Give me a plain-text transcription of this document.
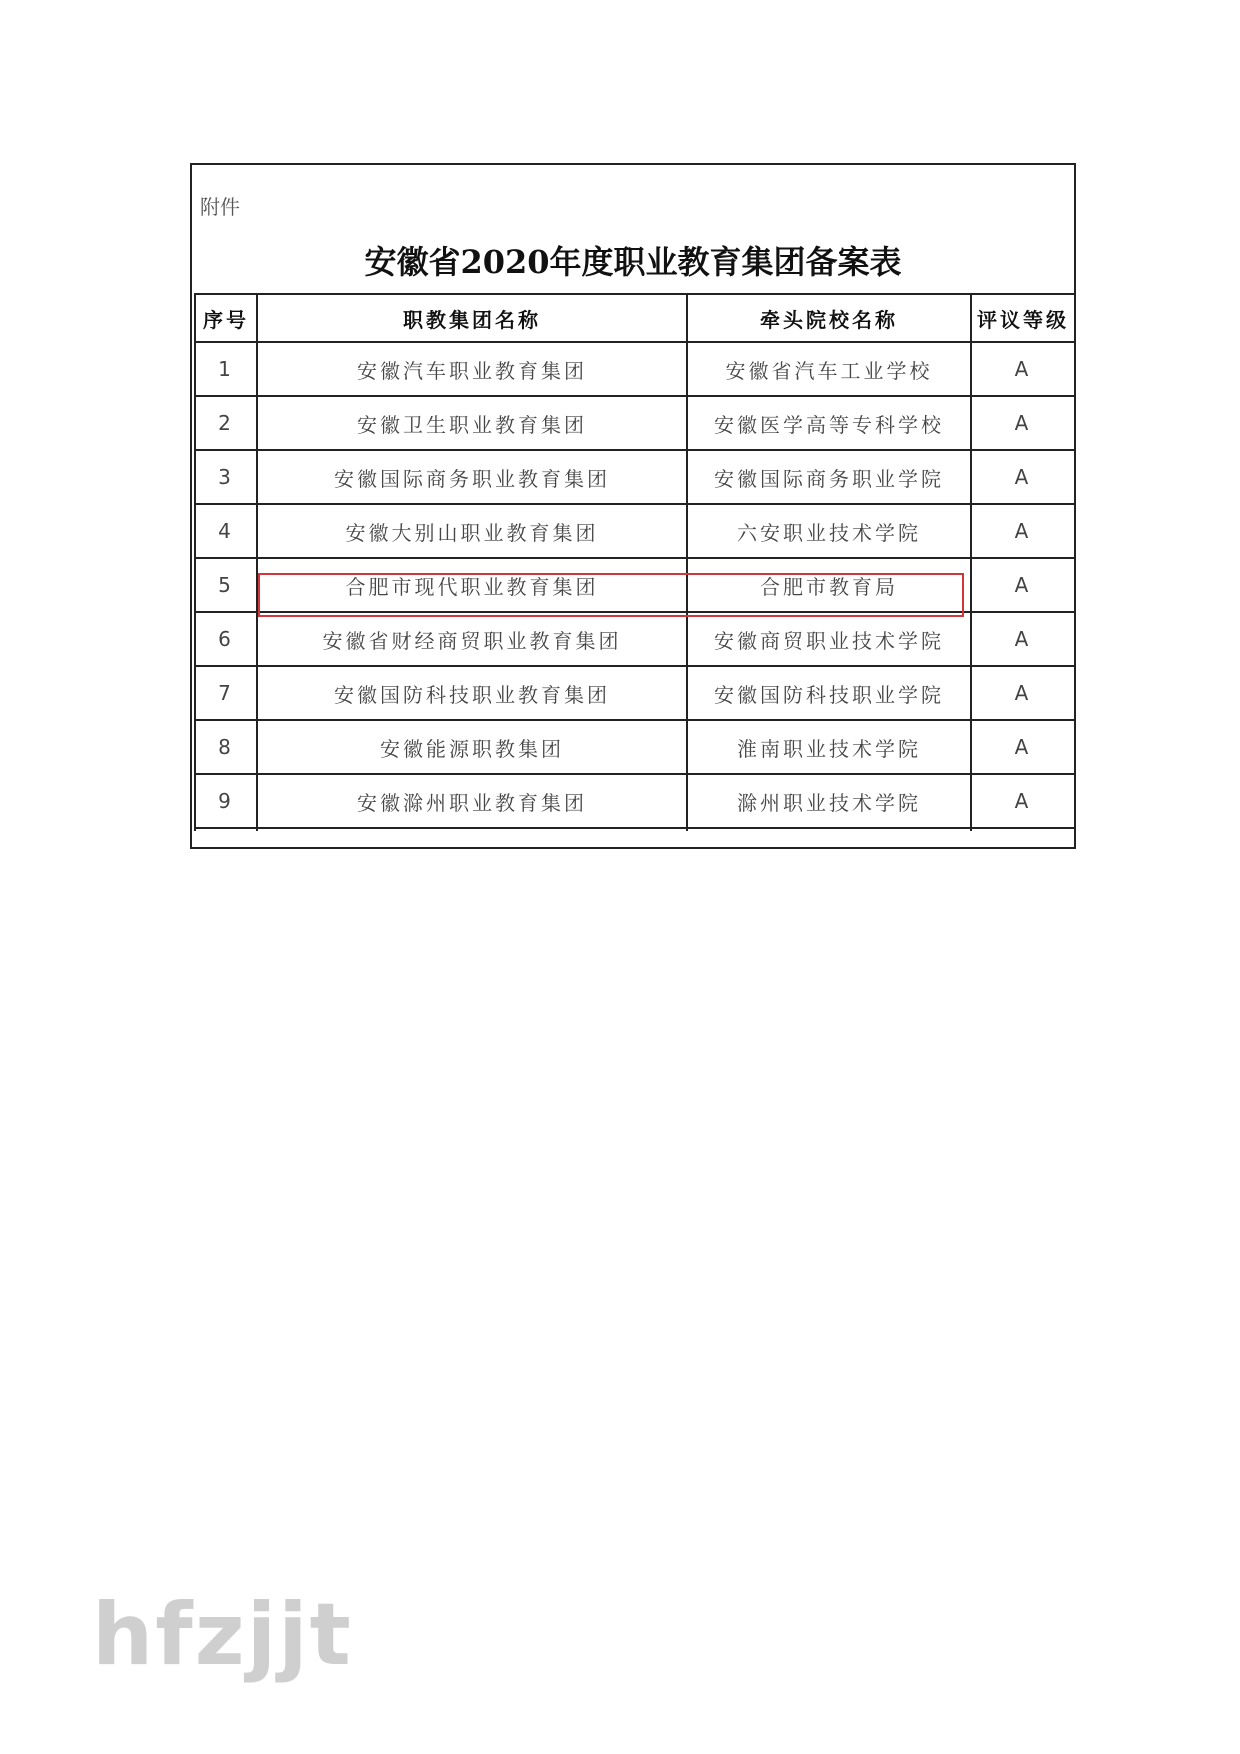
附件
安徽省2020年度职业教育集团备案表
序号	职教集团名称	牵头院校名称	评议等级
1	安徽汽车职业教育集团	安徽省汽车工业学校	A
2	安徽卫生职业教育集团	安徽医学高等专科学校	A
3	安徽国际商务职业教育集团	安徽国际商务职业学院	A
4	安徽大别山职业教育集团	六安职业技术学院	A
5	合肥市现代职业教育集团	合肥市教育局	A
6	安徽省财经商贸职业教育集团	安徽商贸职业技术学院	A
7	安徽国防科技职业教育集团	安徽国防科技职业学院	A
8	安徽能源职教集团	淮南职业技术学院	A
9	安徽滁州职业教育集团	滁州职业技术学院	A

hfzjjt
